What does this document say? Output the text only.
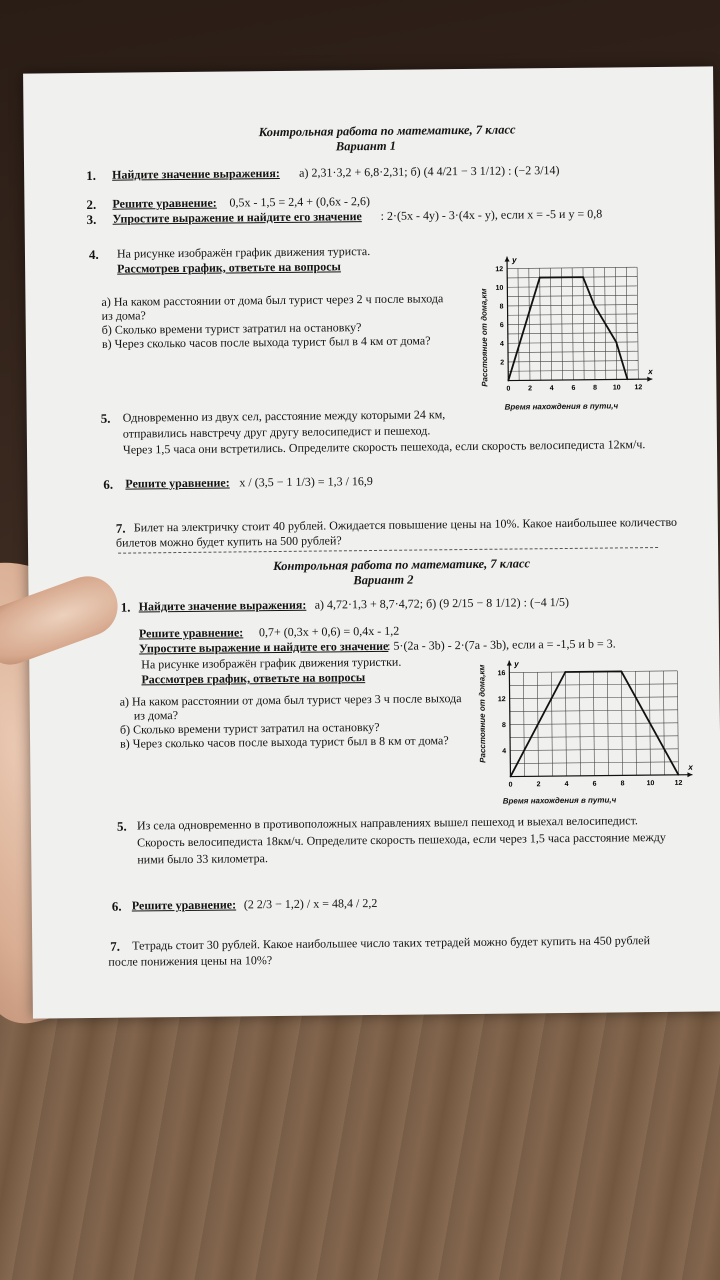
Контрольная работа по математике, 7 класс
Вариант 1
1. Найдите значение выражения: а) 2,31·3,2 + 6,8·2,31; б) (4 4/21 − 3 1/12) : (−2 3/14)
2. Решите уравнение: 0,5x - 1,5 = 2,4 + (0,6x - 2,6)
3. Упростите выражение и найдите его значение : 2·(5x - 4y) - 3·(4x - y), если x = -5 и y = 0,8
4. На рисунке изображён график движения туриста.
Рассмотрев график, ответьте на вопросы
а) На каком расстоянии от дома был турист через 2 ч после выхода
из дома?
б) Сколько времени турист затратил на остановку?
в) Через сколько часов после выхода турист был в 4 км от дома?	Расстояние от дома,км	x
y
0	2	4	6	8 10 12
2
4
6
8
10
12
Время нахождения в пути,ч
5. Одновременно из двух сел, расстояние между которыми 24 км,
отправились навстречу друг другу велосипедист и пешеход.
Через 1,5 часа они встретились. Определите скорость пешехода, если скорость велосипедиста 12км/ч.
6. Решите уравнение: x / (3,5 − 1 1/3) = 1,3 / 16,9
7. Билет на электричку стоит 40 рублей. Ожидается повышение цены на 10%. Какое наибольшее количество
билетов можно будет купить на 500 рублей?
Контрольная работа по математике, 7 класс
Вариант 2
1. Найдите значение выражения: а) 4,72·1,3 + 8,7·4,72; б) (9 2/15 − 8 1/12) : (−4 1/5)
Решите уравнение: 0,7+ (0,3x + 0,6) = 0,4x - 1,2
Упростите выражение и найдите его значение
: 5·(2a - 3b) - 2·(7a - 3b), если a = -1,5 и b = 3.
На рисунке изображён график движения туристки.
Рассмотрев график, ответьте на вопросы
а) На каком расстоянии от дома был турист через 3 ч после выхода
из дома?
б) Сколько времени турист затратил на остановку?
в) Через сколько часов после выхода турист был в 8 км от дома?	Расстояние от дома,км
x
y
0	2	4	6	8	10	12
4
8
12
16
Время нахождения в пути,ч
5. Из села одновременно в противоположных направлениях вышел пешеход и выехал велосипедист.
Скорость велосипедиста 18км/ч. Определите скорость пешехода, если через 1,5 часа расстояние между
ними было 33 километра.
6. Решите уравнение: (2 2/3 − 1,2) / x = 48,4 / 2,2
7. Тетрадь стоит 30 рублей. Какое наибольшее число таких тетрадей можно будет купить на 450 рублей
после понижения цены на 10%?
